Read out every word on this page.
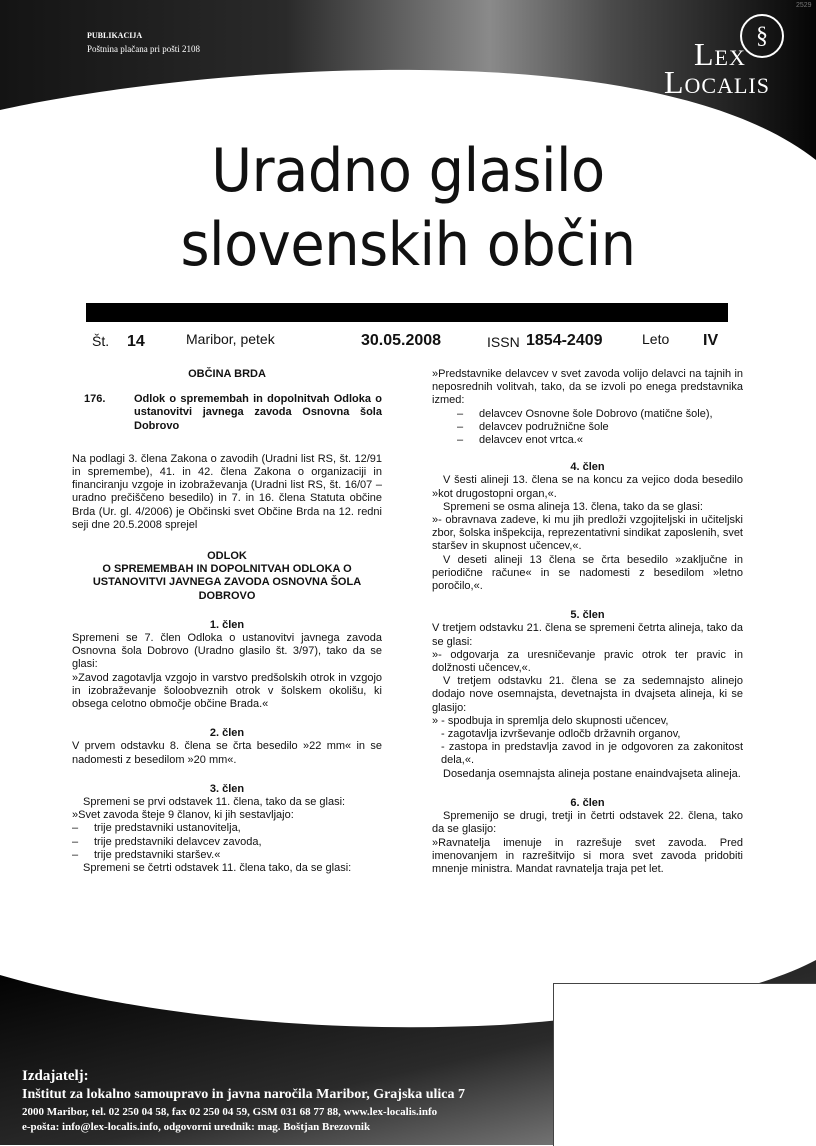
PUBLIKACIJA
Poštnina plačana pri pošti 2108
2529
§
Lex
Localis
Uradno glasilo
slovenskih občin
Št. 14	Maribor, petek	30.05.2008	ISSN 1854-2409	Leto IV

OBČINA BRDA

176.	Odlok o spremembah in dopolnitvah Odloka o ustanovitvi javnega zavoda Osnovna šola Dobrovo

Na podlagi 3. člena Zakona o zavodih (Uradni list RS, št. 12/91 in spremembe), 41. in 42. člena Zakona o organizaciji in financiranju vzgoje in izobraževanja (Uradni list RS, št. 16/07 – uradno prečiščeno besedilo) in 7. in 16. člena Statuta občine Brda (Ur. gl. 4/2006) je Občinski svet Občine Brda na 12. redni seji dne 20.5.2008 sprejel

ODLOK

O SPREMEMBAH IN DOPOLNITVAH ODLOKA O USTANOVITVI JAVNEGA ZAVODA OSNOVNA ŠOLA DOBROVO

1. člen

Spremeni se 7. člen Odloka o ustanovitvi javnega zavoda Osnovna šola Dobrovo (Uradno glasilo št. 3/97), tako da se glasi:

»Zavod zagotavlja vzgojo in varstvo predšolskih otrok in vzgojo in izobraževanje šoloobveznih otrok v šolskem okolišu, ki obsega celotno območje občine Brada.«

2. člen

V prvem odstavku 8. člena se črta besedilo »22 mm« in se nadomesti z besedilom »20 mm«.

3. člen

Spremeni se prvi odstavek 11. člena, tako da se glasi:

»Svet zavoda šteje 9 članov, ki jih sestavljajo:

– trije predstavniki ustanovitelja,

– trije predstavniki delavcev zavoda,

– trije predstavniki staršev.«

Spremeni se četrti odstavek 11. člena tako, da se glasi:

»Predstavnike delavcev v svet zavoda volijo delavci na tajnih in neposrednih volitvah, tako, da se izvoli po enega predstavnika izmed:

– delavcev Osnovne šole Dobrovo (matične šole),

– delavcev podružnične šole

– delavcev enot vrtca.«

4. člen

V šesti alineji 13. člena se na koncu za vejico doda besedilo »kot drugostopni organ,«.

Spremeni se osma alineja 13. člena, tako da se glasi:

»- obravnava zadeve, ki mu jih predloži vzgojiteljski in učiteljski zbor, šolska inšpekcija, reprezentativni sindikat zaposlenih, svet staršev in skupnost učencev,«.

V deseti alineji 13 člena se črta besedilo »zaključne in periodične račune« in se nadomesti z besedilom »letno poročilo,«.

5. člen

V tretjem odstavku 21. člena se spremeni četrta alineja, tako da se glasi:

»- odgovarja za uresničevanje pravic otrok ter pravic in dolžnosti učencev,«.

V tretjem odstavku 21. člena se za sedemnajsto alinejo dodajo nove osemnajsta, devetnajsta in dvajseta alineja, ki se glasijo:

» - spodbuja in spremlja delo skupnosti učencev,

- zagotavlja izvrševanje odločb državnih organov,

- zastopa in predstavlja zavod in je odgovoren za zakonitost dela,«.

Dosedanja osemnajsta alineja postane enaindvajseta alineja.

6. člen

Spremenijo se drugi, tretji in četrti odstavek 22. člena, tako da se glasijo:

»Ravnatelja imenuje in razrešuje svet zavoda. Pred imenovanjem in razrešitvijo si mora svet zavoda pridobiti mnenje ministra. Mandat ravnatelja traja pet let.

Izdajatelj:
Inštitut za lokalno samoupravo in javna naročila Maribor, Grajska ulica 7
2000 Maribor, tel. 02 250 04 58, fax 02 250 04 59, GSM 031 68 77 88, www.lex-localis.info
e-pošta: info@lex-localis.info, odgovorni urednik: mag. Boštjan Brezovnik
